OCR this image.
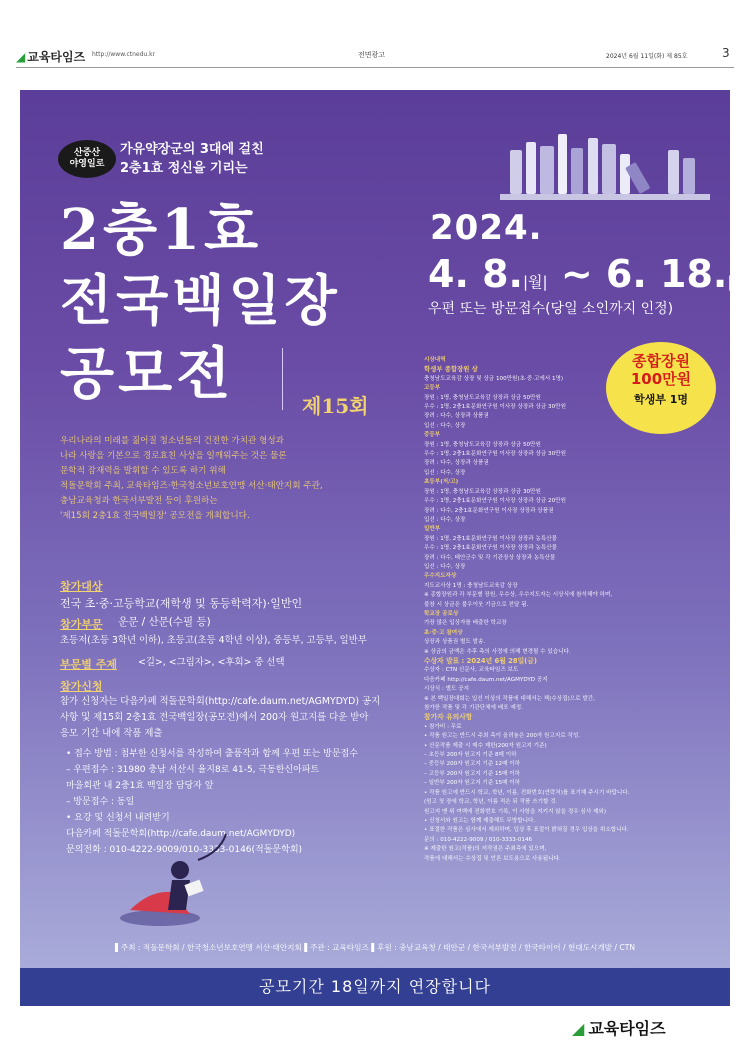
◢ 교육타임즈 http://www.ctnedu.kr	전면광고	2024년 6월 11일(화) 제 85호	3
산중산
야영일로
가유약장군의 3대에 걸친
2충1효 정신을 기리는
2충1효
전국백일장
공모전	제15회
2024.
4. 8.|월| ~ 6. 18.|화|
우편 또는 방문접수(당일 소인까지 인정)
우리나라의 미래를 짊어질 청소년들의 건전한 가치관 형성과
나라 사랑을 기본으로 경로효친 사상을 일깨워주는 것은 물론
문학적 잠재력을 발휘할 수 있도록 하기 위해
적돌문학회 주최, 교육타임즈·한국청소년보호연맹 서산·태안지회 주관,
충남교육청과 한국서부발전 등이 후원하는
'제15회 2충1효 전국백일장' 공모전을 개최합니다.
참가대상
전국 초·중·고등학교(재학생 및 동등학력자)·일반인
참가부문 운문 / 산문(수필 등)
초등저(초등 3학년 이하), 초등고(초등 4학년 이상), 중등부, 고등부, 일반부
부문별 주제 <길>, <그림자>, <후회> 중 선택
참가신청
참가 신청자는 다음카페 적돌문학회(http://cafe.daum.net/AGMYDYD) 공지
사항 및 제15회 2충1효 전국백일장(공모전)에서 200자 원고지를 다운 받아
응모 기간 내에 작품 제출
• 접수 방법 : 첨부한 신청서를 작성하여 출품작과 함께 우편 또는 방문접수
– 우편접수 : 31980 충남 서산시 율지8로 41-5, 극동한신아파트
마을회관 내 2충1효 백일장 담당자 앞
– 방문접수 : 동일
• 요강 및 신청서 내려받기
다음카페 적돌문학회(http://cafe.daum.net/AGMYDYD)
문의전화 : 010-4222-9009/010-3333-0146(적돌문학회)
시상내역
학생부 종합장원 상
충청남도교육감 상장 및 상금 100만원(초·중·고에서 1명)
고등부
장원 : 1명, 충청남도교육감 상장과 상금 50만원
우수 : 1명, 2충1효문화연구원 이사장 상장과 상금 30만원
장려 : 다수, 상장과 상품권
입선 : 다수, 상장
중등부
장원 : 1명, 충청남도교육감 상장과 상금 50만원
우수 : 1명, 2충1효문화연구원 이사장 상장과 상금 30만원
장려 : 다수, 상장과 상품권
입선 : 다수, 상장
초등부(저/고)
장원 : 1명, 충청남도교육감 상장과 상금 30만원
우수 : 1명, 2충1효문화연구원 이사장 상장과 상금 20만원
장려 : 다수, 2충1효문화연구원 이사장 상장과 상품권
입선 : 다수, 상장
일반부
장원 : 1명, 2충1효문화연구원 이사장 상장과 농특산물
우수 : 1명, 2충1효문화연구원 이사장 상장과 농특산물
장려 : 다수, 태안군수 및 각 기관장상 상장과 농특산물
입선 : 다수, 상장
우수지도자상
지도교사상 1명 : 충청남도교육감 상장
※ 종합장원과 각 부문별 장원, 우수상, 우수지도자는 시상식에 참석해야 하며,
불참 시 상금은 불우이웃 기금으로 전달 됨.
학교장 공로상
가장 많은 입상자를 배출한 학교장
초·중·고 참여상
상장과 상품권 별도 발송.
※ 상금의 금액은 추후 측의 사정에 의해 변경될 수 있습니다.
수상자 발표 : 2024년 6월 28일(금)
수상자 : CTN 신문사, 교육타임즈 보도
다음카페 http://cafe.daum.net/AGMYDYD 공지
시상식 : 별도 공지
※ 본 백일장대회는 입선 이상의 작품에 대해서는 책(수상집)으로 발간,
참가한 작품 및 각 기관단체에 배포 예정.
참가자 유의사항
• 참가비 : 무료
• 작품 원고는 반드시 주최 측이 올려놓은 200자 원고지로 작성.
• 산문작품 제출 시 매수 제한(200자 원고지 기준)
– 초등부 200자 원고지 기준 8매 이하
– 중등부 200자 원고지 기준 12매 이하
– 고등부 200자 원고지 기준 15매 이하
– 일반부 200자 원고지 기준 15매 이하
• 작품 원고에 반드시 학교, 학년, 이름, 전화번호(연락처)를 표기해 주시기 바랍니다.
(원고 첫 장에 학교, 학년, 이름 적은 뒤 작품 쓰기할 것.
원고지 맨 위 여백에 전화번호 기록, 이 사항을 지키지 않을 경우 심사 제외)
• 신청서와 원고는 함께 제출해도 무방합니다.
• 표절한 작품은 심사에서 제외하며, 입상 후 표절이 밝혀질 경우 입상을 취소합니다.
문의 : 010-4222-9009 / 010-3333-0146
※ 제출한 원고(작품)의 저작권은 주최측에 있으며,
작품에 대해서는 수상집 및 언론 보도용으로 사용됩니다.
종합장원
100만원
학생부 1명
▌주최 : 적돌문학회 / 한국청소년보호연맹 서산·태안지회 ▌주관 : 교육타임즈 ▌후원 : 충남교육청 / 태안군 / 한국서부발전 / 한국타이어 / 현대도시개발 / CTN
공모기간 18일까지 연장합니다
◢ 교육타임즈
